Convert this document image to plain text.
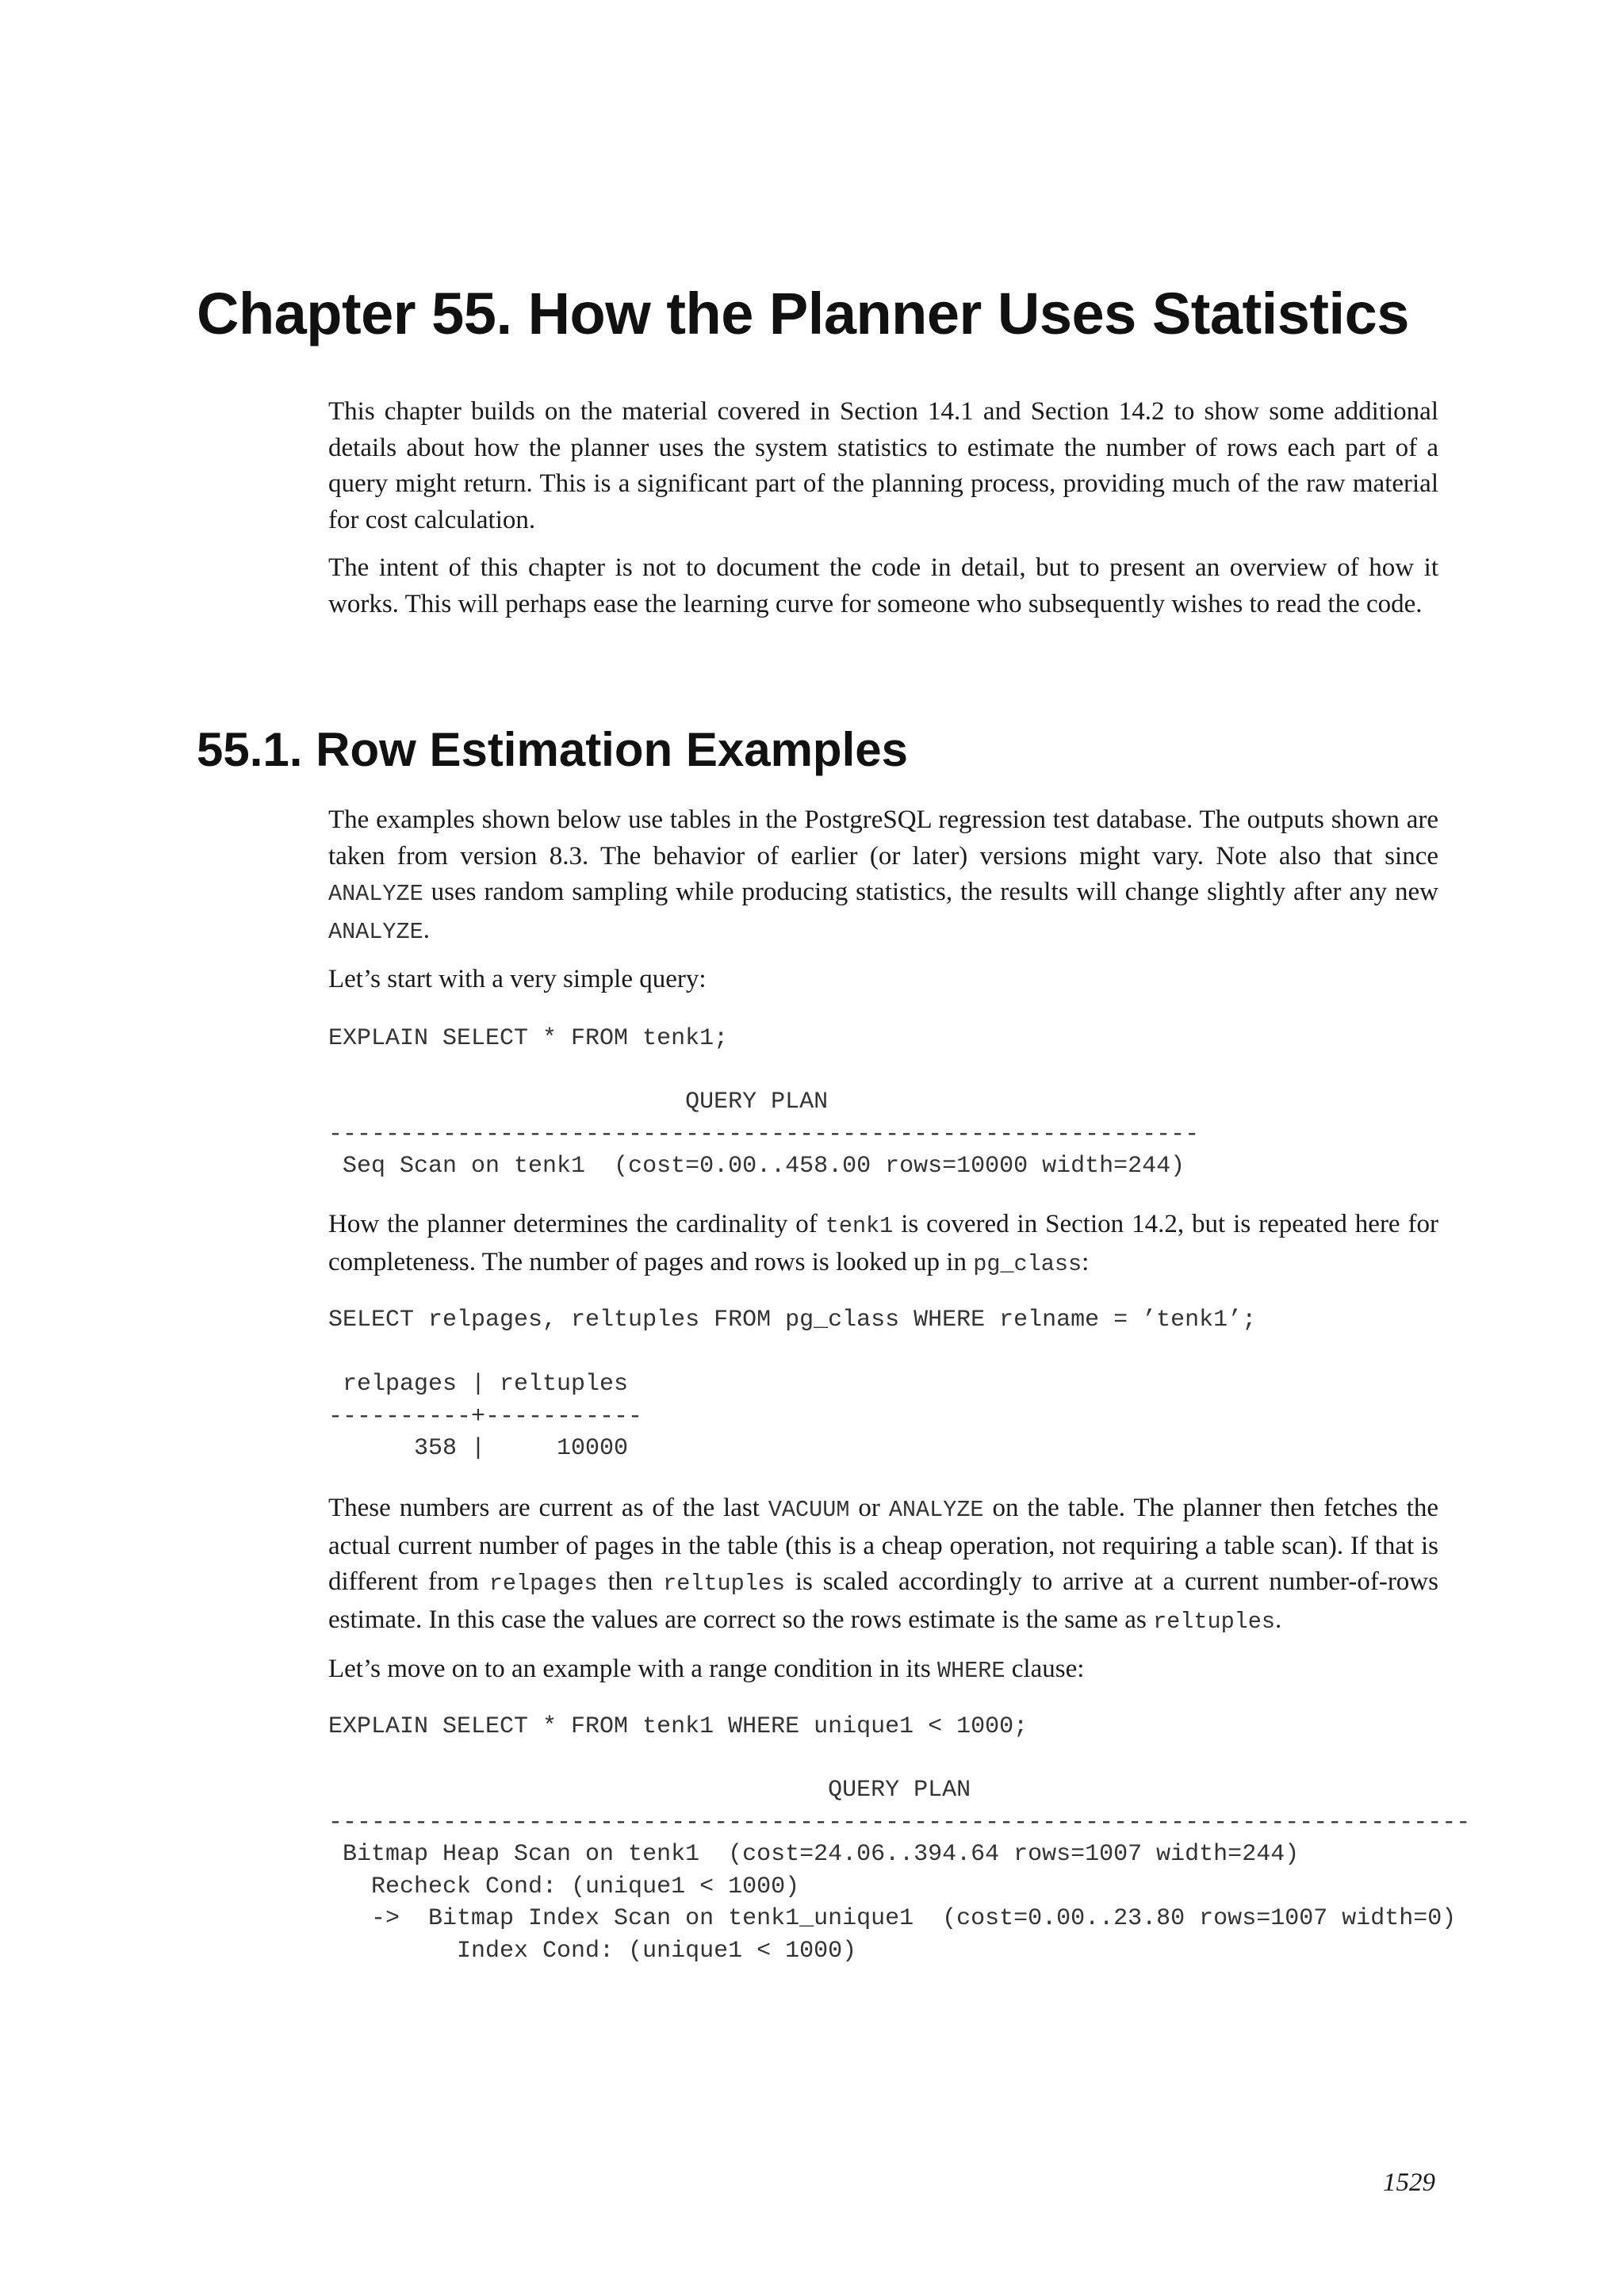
Chapter 55. How the Planner Uses Statistics

This chapter builds on the material covered in Section 14.1 and Section 14.2 to show some additional details about how the planner uses the system statistics to estimate the number of rows each part of a query might return. This is a significant part of the planning process, providing much of the raw material for cost calculation.

The intent of this chapter is not to document the code in detail, but to present an overview of how it works. This will perhaps ease the learning curve for someone who subsequently wishes to read the code.

55.1. Row Estimation Examples

The examples shown below use tables in the PostgreSQL regression test database. The outputs shown are taken from version 8.3. The behavior of earlier (or later) versions might vary. Note also that since ANALYZE uses random sampling while producing statistics, the results will change slightly after any new ANALYZE.

Let’s start with a very simple query:

EXPLAIN SELECT * FROM tenk1;
QUERY PLAN
-------------------------------------------------------------
Seq Scan on tenk1  (cost=0.00..458.00 rows=10000 width=244)

How the planner determines the cardinality of tenk1 is covered in Section 14.2, but is repeated here for completeness. The number of pages and rows is looked up in pg_class:

SELECT relpages, reltuples FROM pg_class WHERE relname = ’tenk1’;
relpages | reltuples
----------+-----------
358 |     10000

These numbers are current as of the last VACUUM or ANALYZE on the table. The planner then fetches the actual current number of pages in the table (this is a cheap operation, not requiring a table scan). If that is different from relpages then reltuples is scaled accordingly to arrive at a current number-of-rows estimate. In this case the values are correct so the rows estimate is the same as reltuples.

Let’s move on to an example with a range condition in its WHERE clause:

EXPLAIN SELECT * FROM tenk1 WHERE unique1 < 1000;
QUERY PLAN
--------------------------------------------------------------------------------
Bitmap Heap Scan on tenk1  (cost=24.06..394.64 rows=1007 width=244)
Recheck Cond: (unique1 < 1000)
->  Bitmap Index Scan on tenk1_unique1  (cost=0.00..23.80 rows=1007 width=0)
Index Cond: (unique1 < 1000)
1529
